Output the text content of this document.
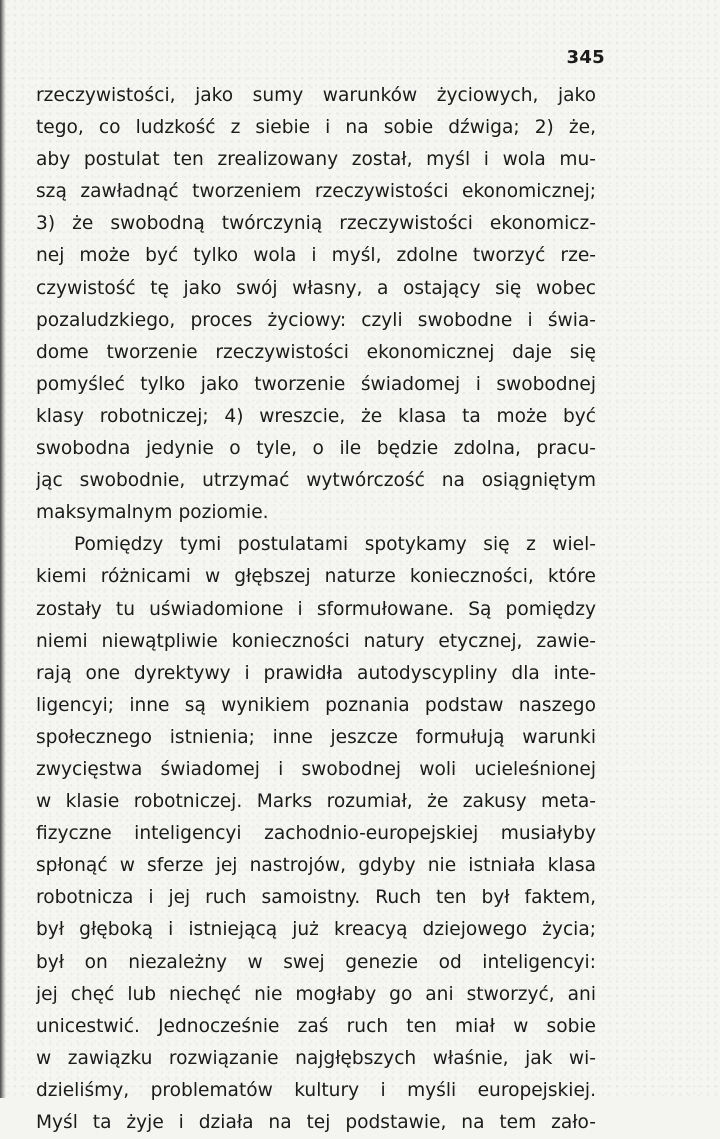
345
rzeczywistości, jako sumy warunków życiowych, jako
tego, co ludzkość z siebie i na sobie dźwiga; 2) że,
aby postulat ten zrealizowany został, myśl i wola mu-
szą zawładnąć tworzeniem rzeczywistości ekonomicznej;
3) że swobodną twórczynią rzeczywistości ekonomicz-
nej może być tylko wola i myśl, zdolne tworzyć rze-
czywistość tę jako swój własny, a ostający się wobec
pozaludzkiego, proces życiowy: czyli swobodne i świa-
dome tworzenie rzeczywistości ekonomicznej daje się
pomyśleć tylko jako tworzenie świadomej i swobodnej
klasy robotniczej; 4) wreszcie, że klasa ta może być
swobodna jedynie o tyle, o ile będzie zdolna, pracu-
jąc swobodnie, utrzymać wytwórczość na osiągniętym
maksymalnym poziomie.
Pomiędzy tymi postulatami spotykamy się z wiel-
kiemi różnicami w głębszej naturze konieczności, które
zostały tu uświadomione i sformułowane. Są pomiędzy
niemi niewątpliwie konieczności natury etycznej, zawie-
rają one dyrektywy i prawidła autodyscypliny dla inte-
ligencyi; inne są wynikiem poznania podstaw naszego
społecznego istnienia; inne jeszcze formułują warunki
zwycięstwa świadomej i swobodnej woli ucieleśnionej
w klasie robotniczej. Marks rozumiał, że zakusy meta-
fizyczne inteligencyi zachodnio-europejskiej musiałyby
spłonąć w sferze jej nastrojów, gdyby nie istniała klasa
robotnicza i jej ruch samoistny. Ruch ten był faktem,
był głęboką i istniejącą już kreacyą dziejowego życia;
był on niezależny w swej genezie od inteligencyi:
jej chęć lub niechęć nie mogłaby go ani stworzyć, ani
unicestwić. Jednocześnie zaś ruch ten miał w sobie
w zawiązku rozwiązanie najgłębszych właśnie, jak wi-
dzieliśmy, problematów kultury i myśli europejskiej.
Myśl ta żyje i działa na tej podstawie, na tem zało-
